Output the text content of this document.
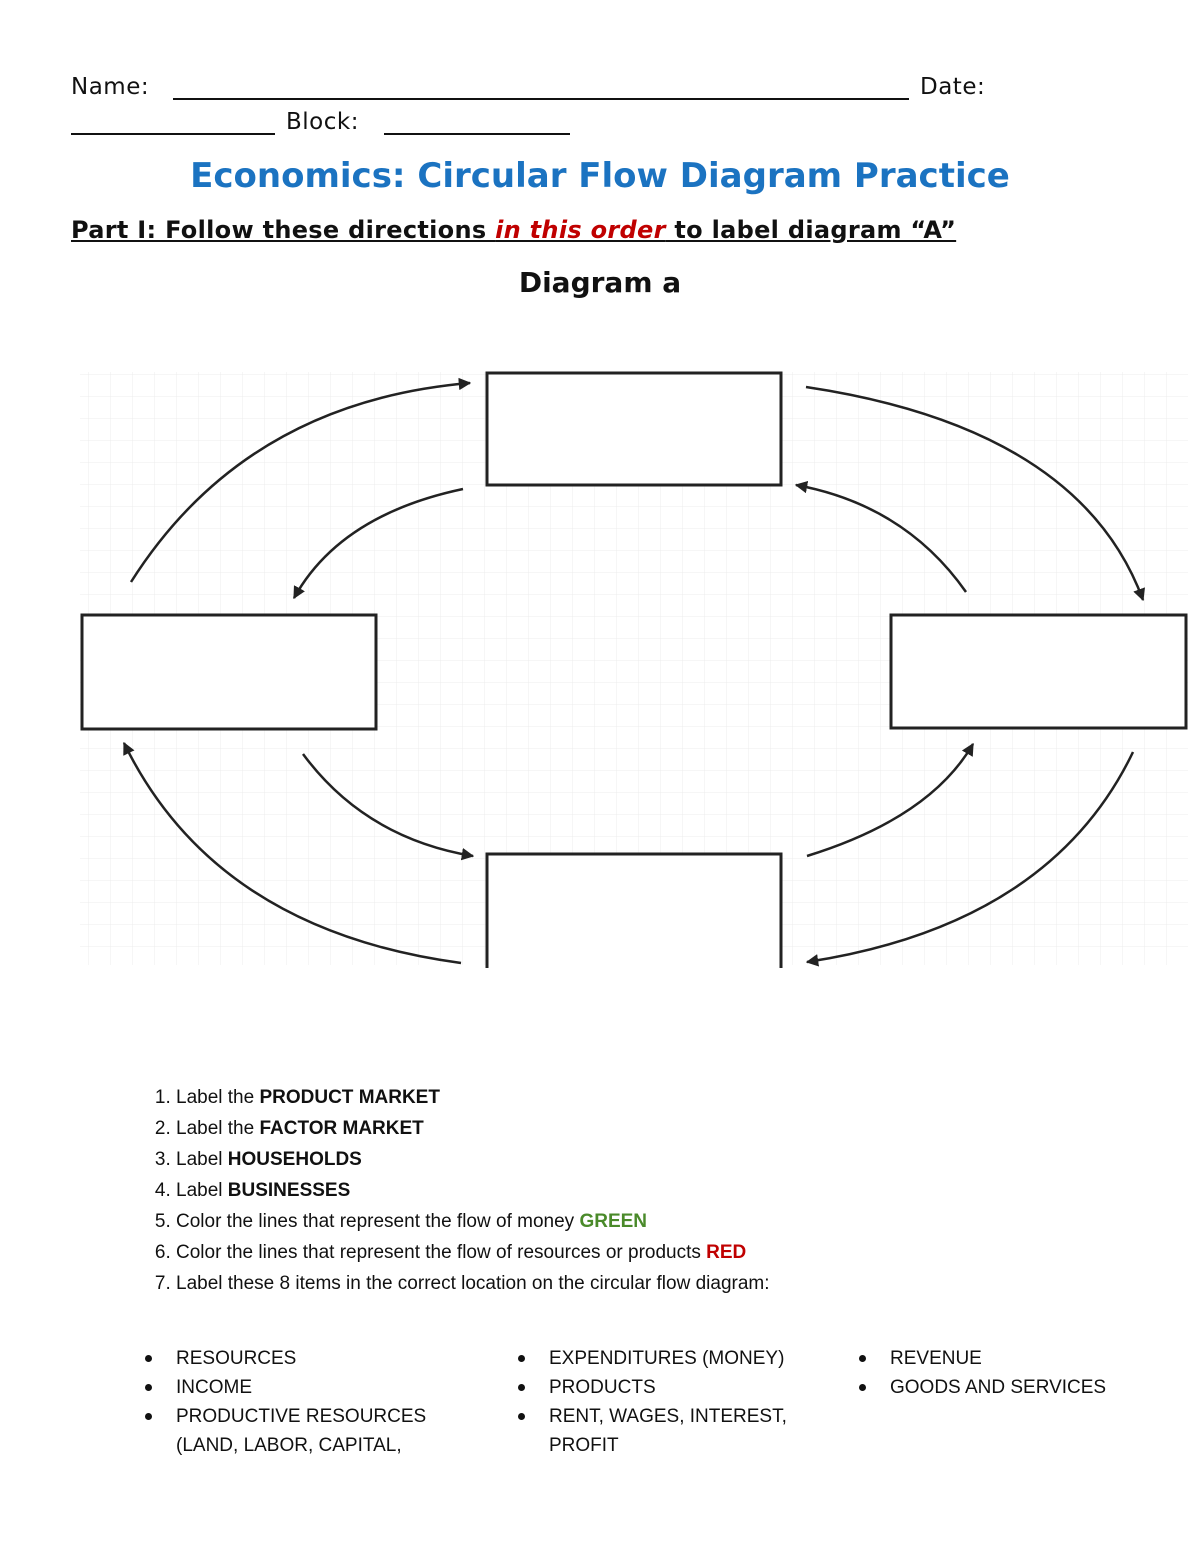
Name:	Date:
Block:
Economics: Circular Flow Diagram Practice
Part I: Follow these directions in this order to label diagram “A”
Diagram a
1. Label the PRODUCT MARKET
2. Label the FACTOR MARKET
3. Label HOUSEHOLDS
4. Label BUSINESSES
5. Color the lines that represent the flow of money GREEN
6. Color the lines that represent the flow of resources or products RED
7. Label these 8 items in the correct location on the circular flow diagram:
RESOURCES
INCOME
PRODUCTIVE RESOURCES
(LAND, LABOR, CAPITAL,
EXPENDITURES (MONEY)
PRODUCTS
RENT, WAGES, INTEREST,
PROFIT
REVENUE
GOODS AND SERVICES
